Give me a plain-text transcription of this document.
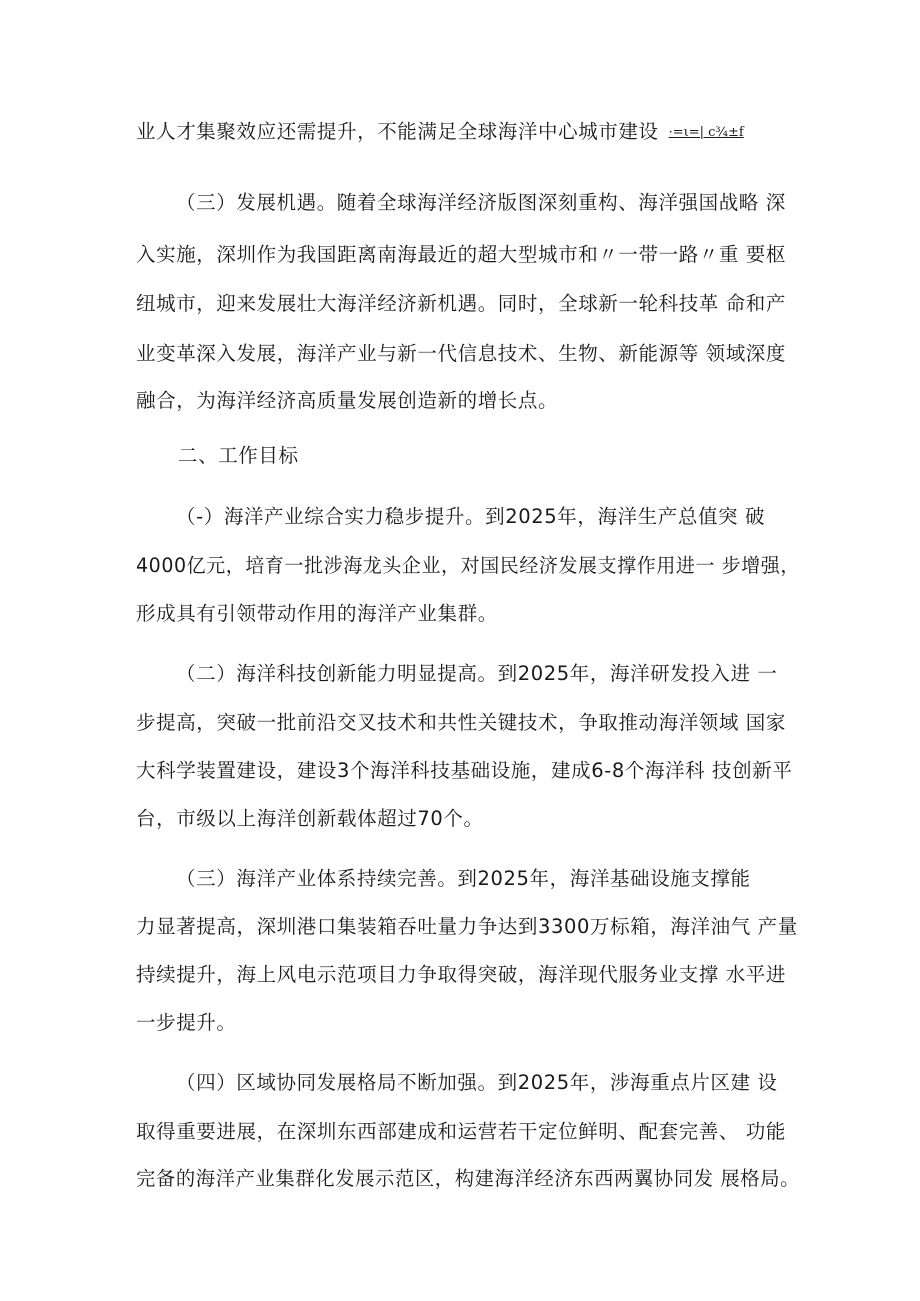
业人才集聚效应还需提升，不能满足全球海洋中心城市建设 ·=ι=| c¾±f
（三）发展机遇。随着全球海洋经济版图深刻重构、海洋强国战略 深
入实施，深圳作为我国距离南海最近的超大型城市和〃一带一路〃重 要枢
纽城市，迎来发展壮大海洋经济新机遇。同时，全球新一轮科技革 命和产
业变革深入发展，海洋产业与新一代信息技术、生物、新能源等 领域深度
融合，为海洋经济高质量发展创造新的增长点。
二、工作目标
（-）海洋产业综合实力稳步提升。到2025年，海洋生产总值突 破
4000亿元，培育一批涉海龙头企业，对国民经济发展支撑作用进一 步增强，
形成具有引领带动作用的海洋产业集群。
（二）海洋科技创新能力明显提高。到2025年，海洋研发投入进 一
步提高，突破一批前沿交叉技术和共性关键技术，争取推动海洋领域 国家
大科学装置建设，建设3个海洋科技基础设施，建成6-8个海洋科 技创新平
台，市级以上海洋创新载体超过70个。
（三）海洋产业体系持续完善。到2025年，海洋基础设施支撑能
力显著提高，深圳港口集装箱吞吐量力争达到3300万标箱，海洋油气 产量
持续提升，海上风电示范项目力争取得突破，海洋现代服务业支撑 水平进
一步提升。
（四）区域协同发展格局不断加强。到2025年，涉海重点片区建 设
取得重要进展，在深圳东西部建成和运营若干定位鲜明、配套完善、 功能
完备的海洋产业集群化发展示范区，构建海洋经济东西两翼协同发 展格局。
